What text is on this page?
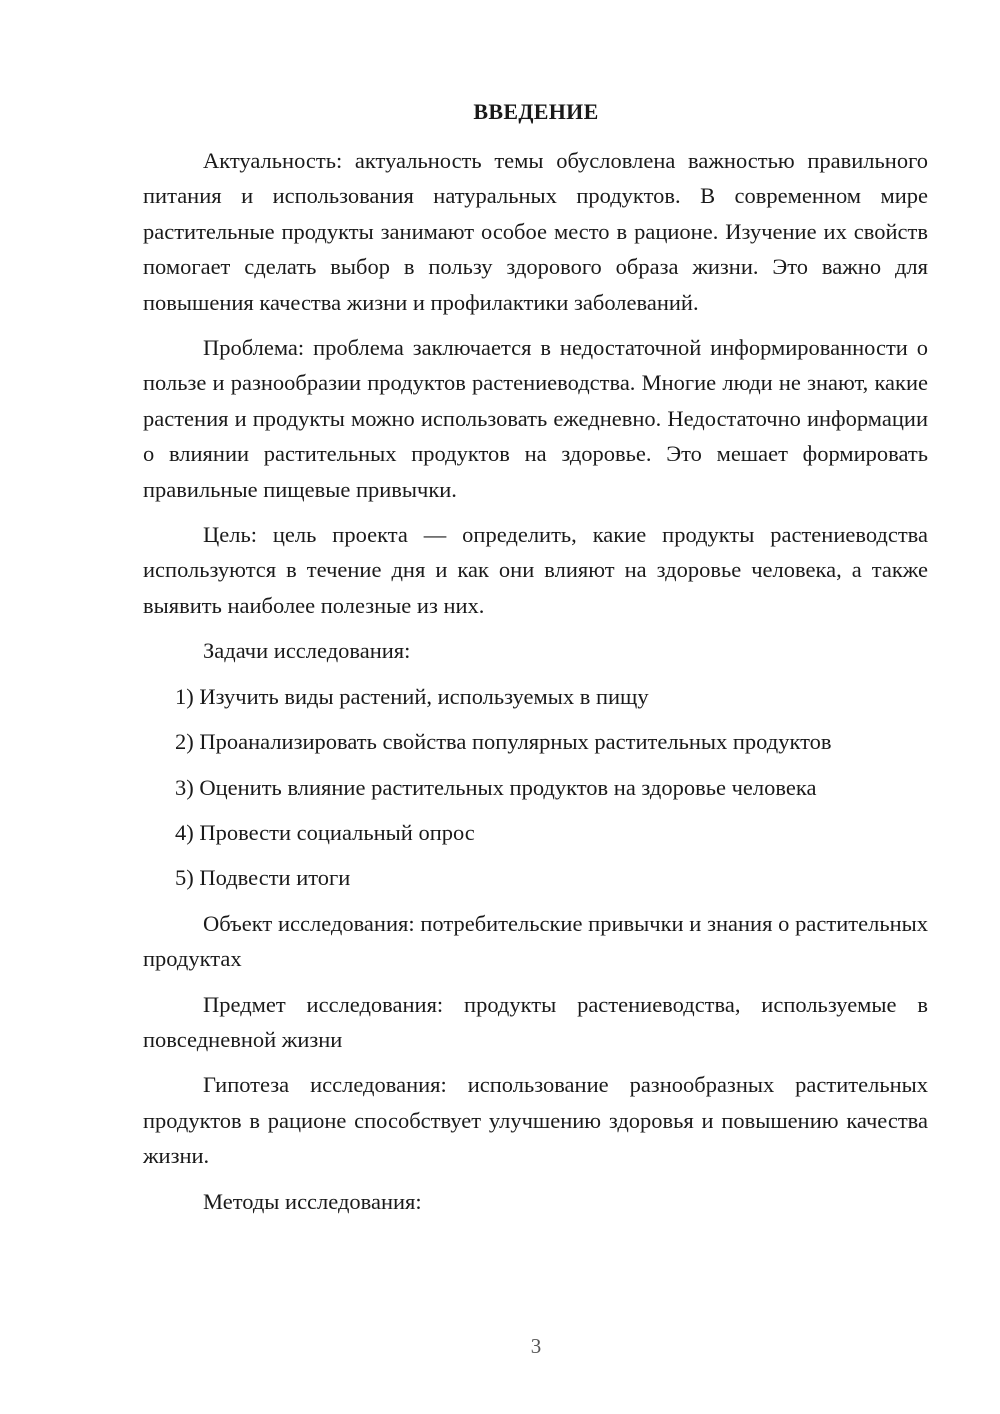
ВВЕДЕНИЕ

Актуальность: актуальность темы обусловлена важностью правильного питания и использования натуральных продуктов. В современном мире растительные продукты занимают особое место в рационе. Изучение их свойств помогает сделать выбор в пользу здорового образа жизни. Это важно для повышения качества жизни и профилактики заболеваний.

Проблема: проблема заключается в недостаточной информированности о пользе и разнообразии продуктов растениеводства. Многие люди не знают, какие растения и продукты можно использовать ежедневно. Недостаточно информации о влиянии растительных продуктов на здоровье. Это мешает формировать правильные пищевые привычки.

Цель: цель проекта — определить, какие продукты растениеводства используются в течение дня и как они влияют на здоровье человека, а также выявить наиболее полезные из них.

Задачи исследования:

1) Изучить виды растений, используемых в пищу

2) Проанализировать свойства популярных растительных продуктов

3) Оценить влияние растительных продуктов на здоровье человека

4) Провести социальный опрос

5) Подвести итоги

Объект исследования: потребительские привычки и знания о растительных продуктах

Предмет исследования: продукты растениеводства, используемые в повседневной жизни

Гипотеза исследования: использование разнообразных растительных продуктов в рационе способствует улучшению здоровья и повышению качества жизни.

Методы исследования:

3
